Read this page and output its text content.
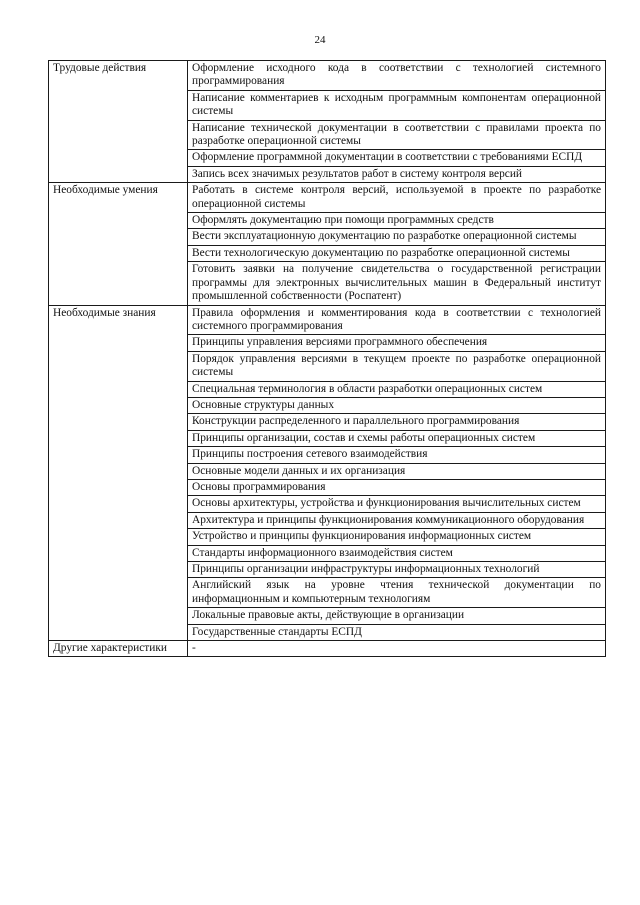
24
Трудовые действия	Оформление исходного кода в соответствии с технологией системного программирования
	Написание комментариев к исходным программным компонентам операционной системы
	Написание технической документации в соответствии с правилами проекта по разработке операционной системы
	Оформление программной документации в соответствии с требованиями ЕСПД
	Запись всех значимых результатов работ в систему контроля версий
Необходимые умения	Работать в системе контроля версий, используемой в проекте по разработке операционной системы
	Оформлять документацию при помощи программных средств
	Вести эксплуатационную документацию по разработке операционной системы
	Вести технологическую документацию по разработке операционной системы
	Готовить заявки на получение свидетельства о государственной регистрации программы для электронных вычислительных машин в Федеральный институт промышленной собственности (Роспатент)
Необходимые знания	Правила оформления и комментирования кода в соответствии с технологией системного программирования
	Принципы управления версиями программного обеспечения
	Порядок управления версиями в текущем проекте по разработке операционной системы
	Специальная терминология в области разработки операционных систем
	Основные структуры данных
	Конструкции распределенного и параллельного программирования
	Принципы организации, состав и схемы работы операционных систем
	Принципы построения сетевого взаимодействия
	Основные модели данных и их организация
	Основы программирования
	Основы архитектуры, устройства и функционирования вычислительных систем
	Архитектура и принципы функционирования коммуникационного оборудования
	Устройство и принципы функционирования информационных систем
	Стандарты информационного взаимодействия систем
	Принципы организации инфраструктуры информационных технологий
	Английский язык на уровне чтения технической документации по информационным и компьютерным технологиям
	Локальные правовые акты, действующие в организации
	Государственные стандарты ЕСПД
Другие характеристики	-
